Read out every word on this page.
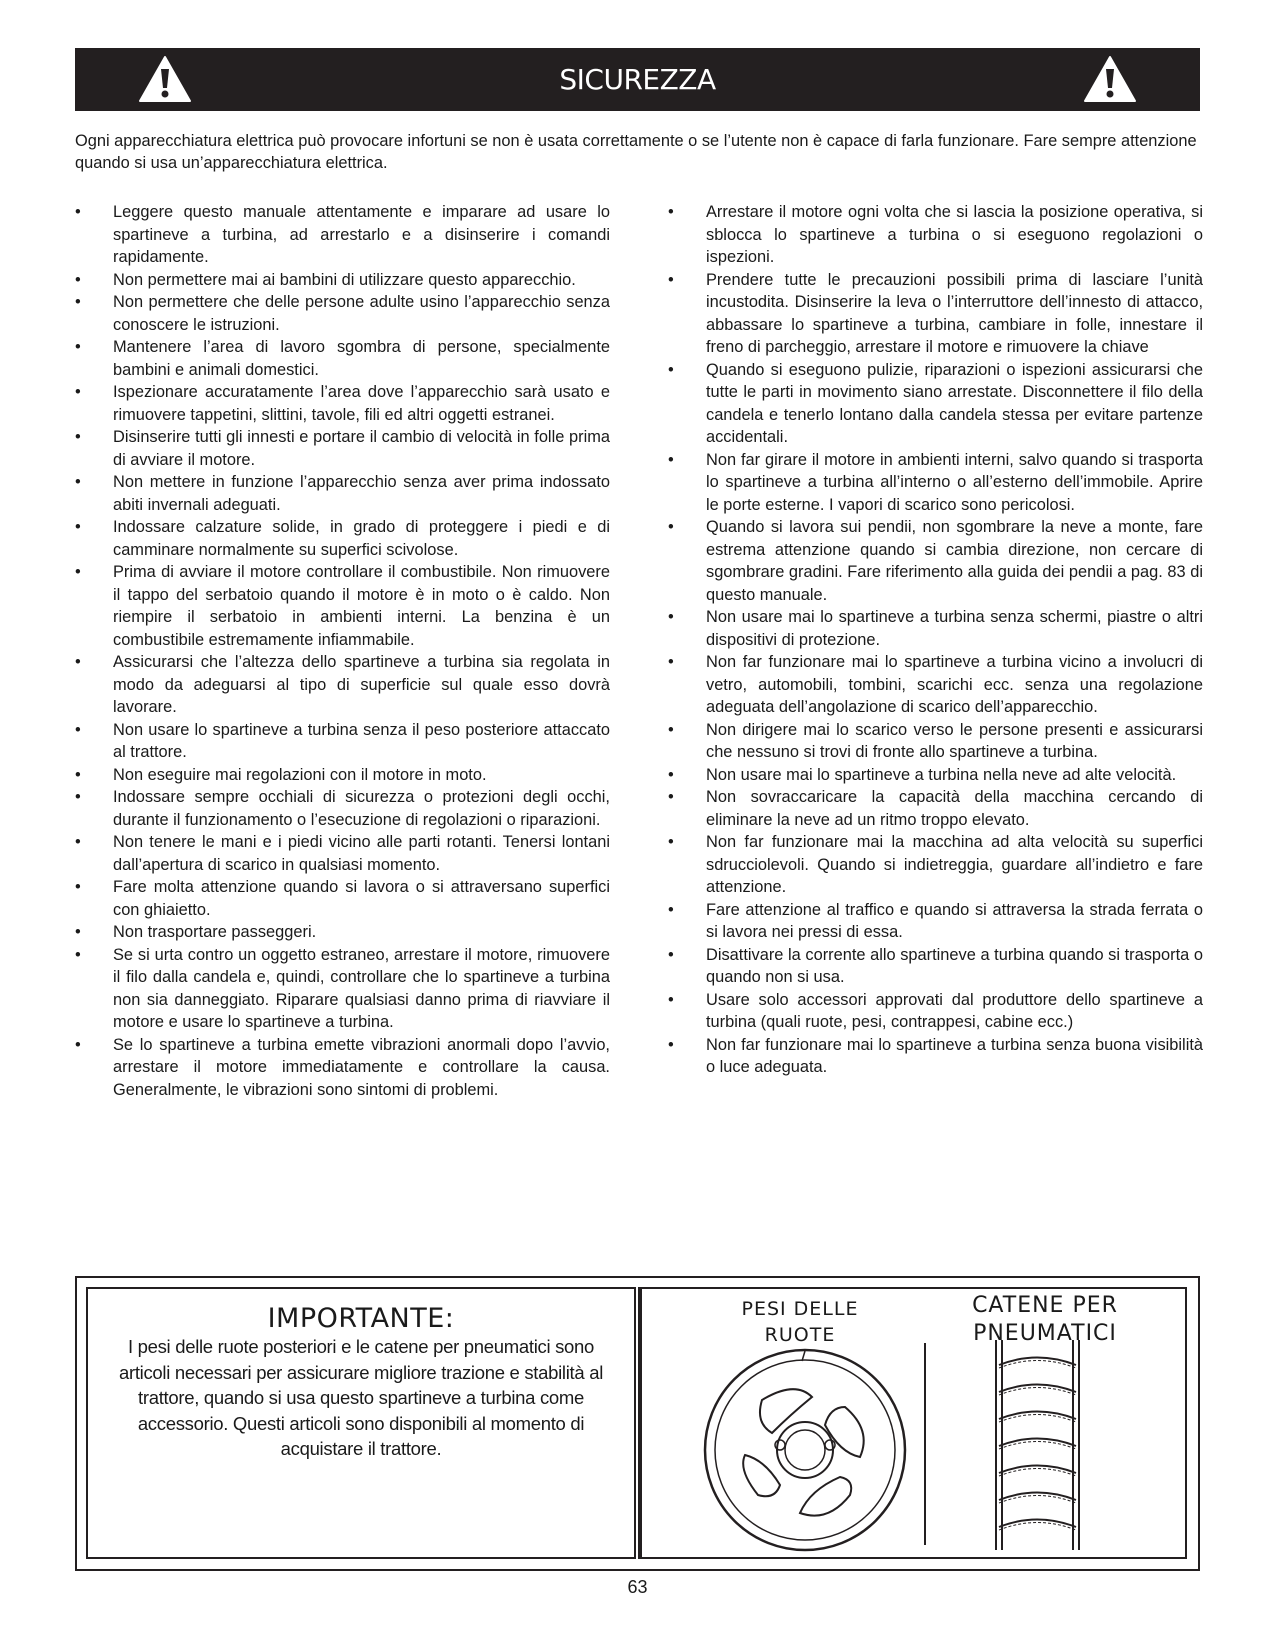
SICUREZZA
Ogni apparecchiatura elettrica può provocare infortuni se non è usata correttamente o se l’utente non è capace di farla funzionare. Fare sempre attenzione quando si usa un’apparecchiatura elettrica.
• Leggere questo manuale attentamente e imparare ad usare lo spartineve a turbina, ad arrestarlo e a disinserire i comandi rapidamente.
• Non permettere mai ai bambini di utilizzare questo apparecchio.
• Non permettere che delle persone adulte usino l’apparecchio senza conoscere le istruzioni.
• Mantenere l’area di lavoro sgombra di persone, specialmente bambini e animali domestici.
• Ispezionare accuratamente l’area dove l’apparecchio sarà usato e rimuovere tappetini, slittini, tavole, fili ed altri oggetti estranei.
• Disinserire tutti gli innesti e portare il cambio di velocità in folle prima di avviare il motore.
• Non mettere in funzione l’apparecchio senza aver prima indossato abiti invernali adeguati.
• Indossare calzature solide, in grado di proteggere i piedi e di camminare normalmente su superfici scivolose.
• Prima di avviare il motore controllare il combustibile. Non rimuovere il tappo del serbatoio quando il motore è in moto o è caldo. Non riempire il serbatoio in ambienti interni. La benzina è un combustibile estremamente infiammabile.
• Assicurarsi che l’altezza dello spartineve a turbina sia regolata in modo da adeguarsi al tipo di superficie sul quale esso dovrà lavorare.
• Non usare lo spartineve a turbina senza il peso posteriore attaccato al trattore.
• Non eseguire mai regolazioni con il motore in moto.
• Indossare sempre occhiali di sicurezza o protezioni degli occhi, durante il funzionamento o l’esecuzione di regolazioni o riparazioni.
• Non tenere le mani e i piedi vicino alle parti rotanti. Tenersi lontani dall’apertura di scarico in qualsiasi momento.
• Fare molta attenzione quando si lavora o si attraversano superfici con ghiaietto.
• Non trasportare passeggeri.
• Se si urta contro un oggetto estraneo, arrestare il motore, rimuovere il filo dalla candela e, quindi, controllare che lo spartineve a turbina non sia danneggiato. Riparare qualsiasi danno prima di riavviare il motore e usare lo spartineve a turbina.
• Se lo spartineve a turbina emette vibrazioni anormali dopo l’avvio, arrestare il motore immediatamente e controllare la causa. Generalmente, le vibrazioni sono sintomi di problemi.
• Arrestare il motore ogni volta che si lascia la posizione operativa, si sblocca lo spartineve a turbina o si eseguono regolazioni o ispezioni.
• Prendere tutte le precauzioni possibili prima di lasciare l’unità incustodita. Disinserire la leva o l’interruttore dell’innesto di attacco, abbassare lo spartineve a turbina, cambiare in folle, innestare il freno di parcheggio, arrestare il motore e rimuovere la chiave
• Quando si eseguono pulizie, riparazioni o ispezioni assicurarsi che tutte le parti in movimento siano arrestate. Disconnettere il filo della candela e tenerlo lontano dalla candela stessa per evitare partenze accidentali.
• Non far girare il motore in ambienti interni, salvo quando si trasporta lo spartineve a turbina all’interno o all’esterno dell’immobile. Aprire le porte esterne. I vapori di scarico sono pericolosi.
• Quando si lavora sui pendii, non sgombrare la neve a monte, fare estrema attenzione quando si cambia direzione, non cercare di sgombrare gradini. Fare riferimento alla guida dei pendii a pag. 83 di questo manuale.
• Non usare mai lo spartineve a turbina senza schermi, piastre o altri dispositivi di protezione.
• Non far funzionare mai lo spartineve a turbina vicino a involucri di vetro, automobili, tombini, scarichi ecc. senza una regolazione adeguata dell’angolazione di scarico dell’apparecchio.
• Non dirigere mai lo scarico verso le persone presenti e assicurarsi che nessuno si trovi di fronte allo spartineve a turbina.
• Non usare mai lo spartineve a turbina nella neve ad alte velocità.
• Non sovraccaricare la capacità della macchina cercando di eliminare la neve ad un ritmo troppo elevato.
• Non far funzionare mai la macchina ad alta velocità su superfici sdrucciolevoli. Quando si indietreggia, guardare all’indietro e fare attenzione.
• Fare attenzione al traffico e quando si attraversa la strada ferrata o si lavora nei pressi di essa.
• Disattivare la corrente allo spartineve a turbina quando si trasporta o quando non si usa.
• Usare solo accessori approvati dal produttore dello spartineve a turbina (quali ruote, pesi, contrappesi, cabine ecc.)
• Non far funzionare mai lo spartineve a turbina senza buona visibilità o luce adeguata.
IMPORTANTE:
I pesi delle ruote posteriori e le catene per pneumatici sono articoli necessari per assicurare migliore trazione e stabilità al trattore, quando si usa questo spartineve a turbina come accessorio. Questi articoli sono disponibili al momento di acquistare il trattore.
PESI DELLE RUOTE
CATENE PER PNEUMATICI
63
